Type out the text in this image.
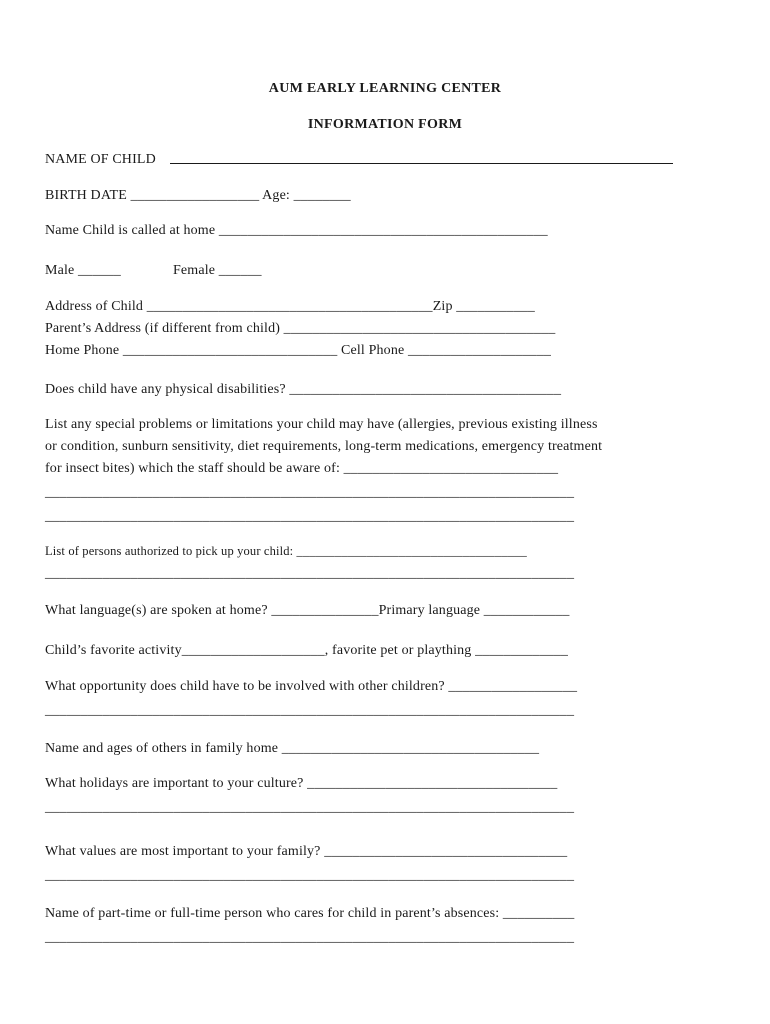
AUM EARLY LEARNING CENTER
INFORMATION FORM
NAME OF CHILD
BIRTH DATE __________________ Age: ________
Name Child is called at home ______________________________________________
Male ______	Female ______
Address of Child ________________________________________Zip ___________
Parent’s Address (if different from child) ______________________________________
Home Phone ______________________________ Cell Phone ____________________
Does child have any physical disabilities? ______________________________________
List any special problems or limitations your child may have (allergies, previous existing illness
or condition, sunburn sensitivity, diet requirements, long-term medications, emergency treatment
for insect bites) which the staff should be aware of: ______________________________
__________________________________________________________________________
__________________________________________________________________________
List of persons authorized to pick up your child: ____________________________________
__________________________________________________________________________
What language(s) are spoken at home? _______________Primary language ____________
Child’s favorite activity____________________, favorite pet or plaything _____________
What opportunity does child have to be involved with other children? __________________
__________________________________________________________________________
Name and ages of others in family home ____________________________________
What holidays are important to your culture? ___________________________________
__________________________________________________________________________
What values are most important to your family? __________________________________
__________________________________________________________________________
Name of part-time or full-time person who cares for child in parent’s absences: __________
__________________________________________________________________________
